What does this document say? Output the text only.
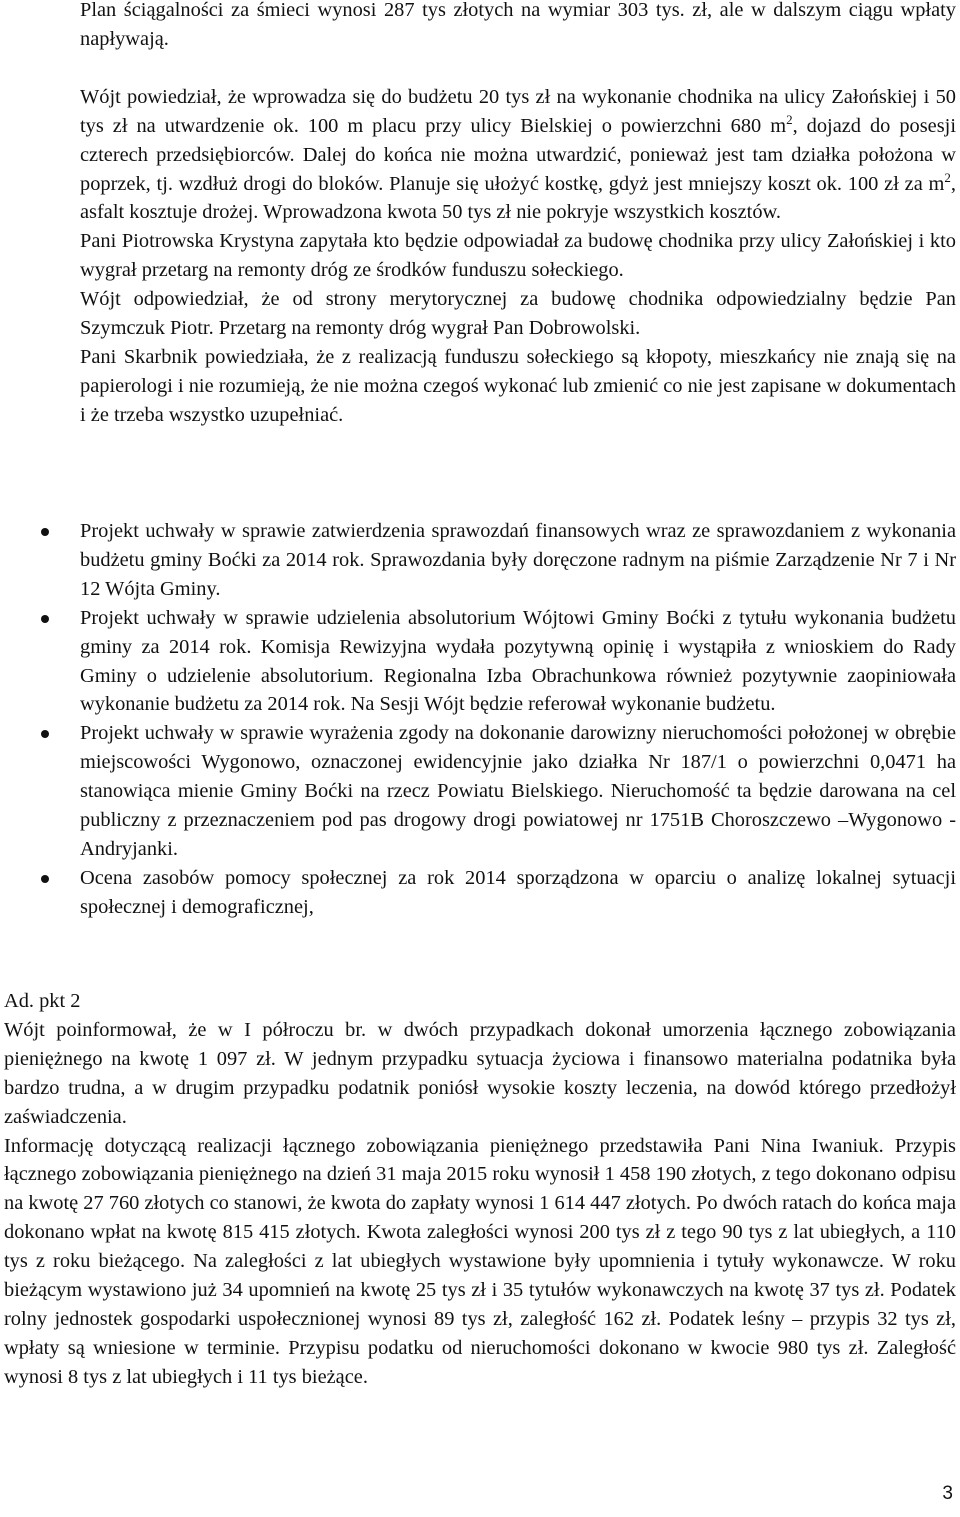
Plan ściągalności za śmieci wynosi 287 tys złotych na wymiar 303 tys. zł, ale w dalszym ciągu wpłaty napływają.

Wójt powiedział, że wprowadza się do budżetu 20 tys zł na wykonanie chodnika na ulicy Załońskiej i 50 tys zł na utwardzenie ok. 100 m placu przy ulicy Bielskiej o powierzchni 680 $m^2$, dojazd do posesji czterech przedsiębiorców. Dalej do końca nie można utwardzić, ponieważ jest tam działka położona w poprzek, tj. wzdłuż drogi do bloków. Planuje się ułożyć kostkę, gdyż jest mniejszy koszt ok. 100 zł za $m^2$, asfalt kosztuje drożej. Wprowadzona kwota 50 tys zł nie pokryje wszystkich kosztów.

Pani Piotrowska Krystyna zapytała kto będzie odpowiadał za budowę chodnika przy ulicy Załońskiej i kto wygrał przetarg na remonty dróg ze środków funduszu sołeckiego.

Wójt odpowiedział, że od strony merytorycznej za budowę chodnika odpowiedzialny będzie Pan Szymczuk Piotr. Przetarg na remonty dróg wygrał Pan Dobrowolski.

Pani Skarbnik powiedziała, że z realizacją funduszu sołeckiego są kłopoty, mieszkańcy nie znają się na papierologi i nie rozumieją, że nie można czegoś wykonać lub zmienić co nie jest zapisane w dokumentach i że trzeba wszystko uzupełniać.

Projekt uchwały w sprawie zatwierdzenia sprawozdań finansowych wraz ze sprawozdaniem z wykonania budżetu gminy Boćki za 2014 rok. Sprawozdania były doręczone radnym na piśmie Zarządzenie Nr 7 i Nr 12 Wójta Gminy.
Projekt uchwały w sprawie udzielenia absolutorium Wójtowi Gminy Boćki z tytułu wykonania budżetu gminy za 2014 rok. Komisja Rewizyjna wydała pozytywną opinię i wystąpiła z wnioskiem do Rady Gminy o udzielenie absolutorium. Regionalna Izba Obrachunkowa również pozytywnie zaopiniowała wykonanie budżetu za 2014 rok. Na Sesji Wójt będzie referował wykonanie budżetu.
Projekt uchwały w sprawie wyrażenia zgody na dokonanie darowizny nieruchomości położonej w obrębie miejscowości Wygonowo, oznaczonej ewidencyjnie jako działka Nr 187/1 o powierzchni 0,0471 ha stanowiąca mienie Gminy Boćki na rzecz Powiatu Bielskiego. Nieruchomość ta będzie darowana na cel publiczny z przeznaczeniem pod pas drogowy drogi powiatowej nr 1751B Choroszczewo –Wygonowo -Andryjanki.
Ocena zasobów pomocy społecznej za rok 2014 sporządzona w oparciu o analizę lokalnej sytuacji społecznej i demograficznej,

Ad. pkt 2

Wójt poinformował, że w I półroczu br. w dwóch przypadkach dokonał umorzenia łącznego zobowiązania pieniężnego na kwotę 1 097 zł. W jednym przypadku sytuacja życiowa i finansowo materialna podatnika była bardzo trudna, a w drugim przypadku podatnik poniósł wysokie koszty leczenia, na dowód którego przedłożył zaświadczenia.

Informację dotyczącą realizacji łącznego zobowiązania pieniężnego przedstawiła Pani Nina Iwaniuk. Przypis łącznego zobowiązania pieniężnego na dzień 31 maja 2015 roku wynosił 1 458 190 złotych, z tego dokonano odpisu na kwotę 27 760 złotych co stanowi, że kwota do zapłaty wynosi 1 614 447 złotych. Po dwóch ratach do końca maja dokonano wpłat na kwotę 815 415 złotych. Kwota zaległości wynosi 200 tys zł z tego 90 tys z lat ubiegłych, a 110 tys z roku bieżącego. Na zaległości z lat ubiegłych wystawione były upomnienia i tytuły wykonawcze. W roku bieżącym wystawiono już 34 upomnień na kwotę 25 tys zł i 35 tytułów wykonawczych na kwotę 37 tys zł. Podatek rolny jednostek gospodarki uspołecznionej wynosi 89 tys zł, zaległość 162 zł. Podatek leśny – przypis 32 tys zł, wpłaty są wniesione w terminie. Przypisu podatku od nieruchomości dokonano w kwocie 980 tys zł. Zaległość wynosi 8 tys z lat ubiegłych i 11 tys bieżące.

3
